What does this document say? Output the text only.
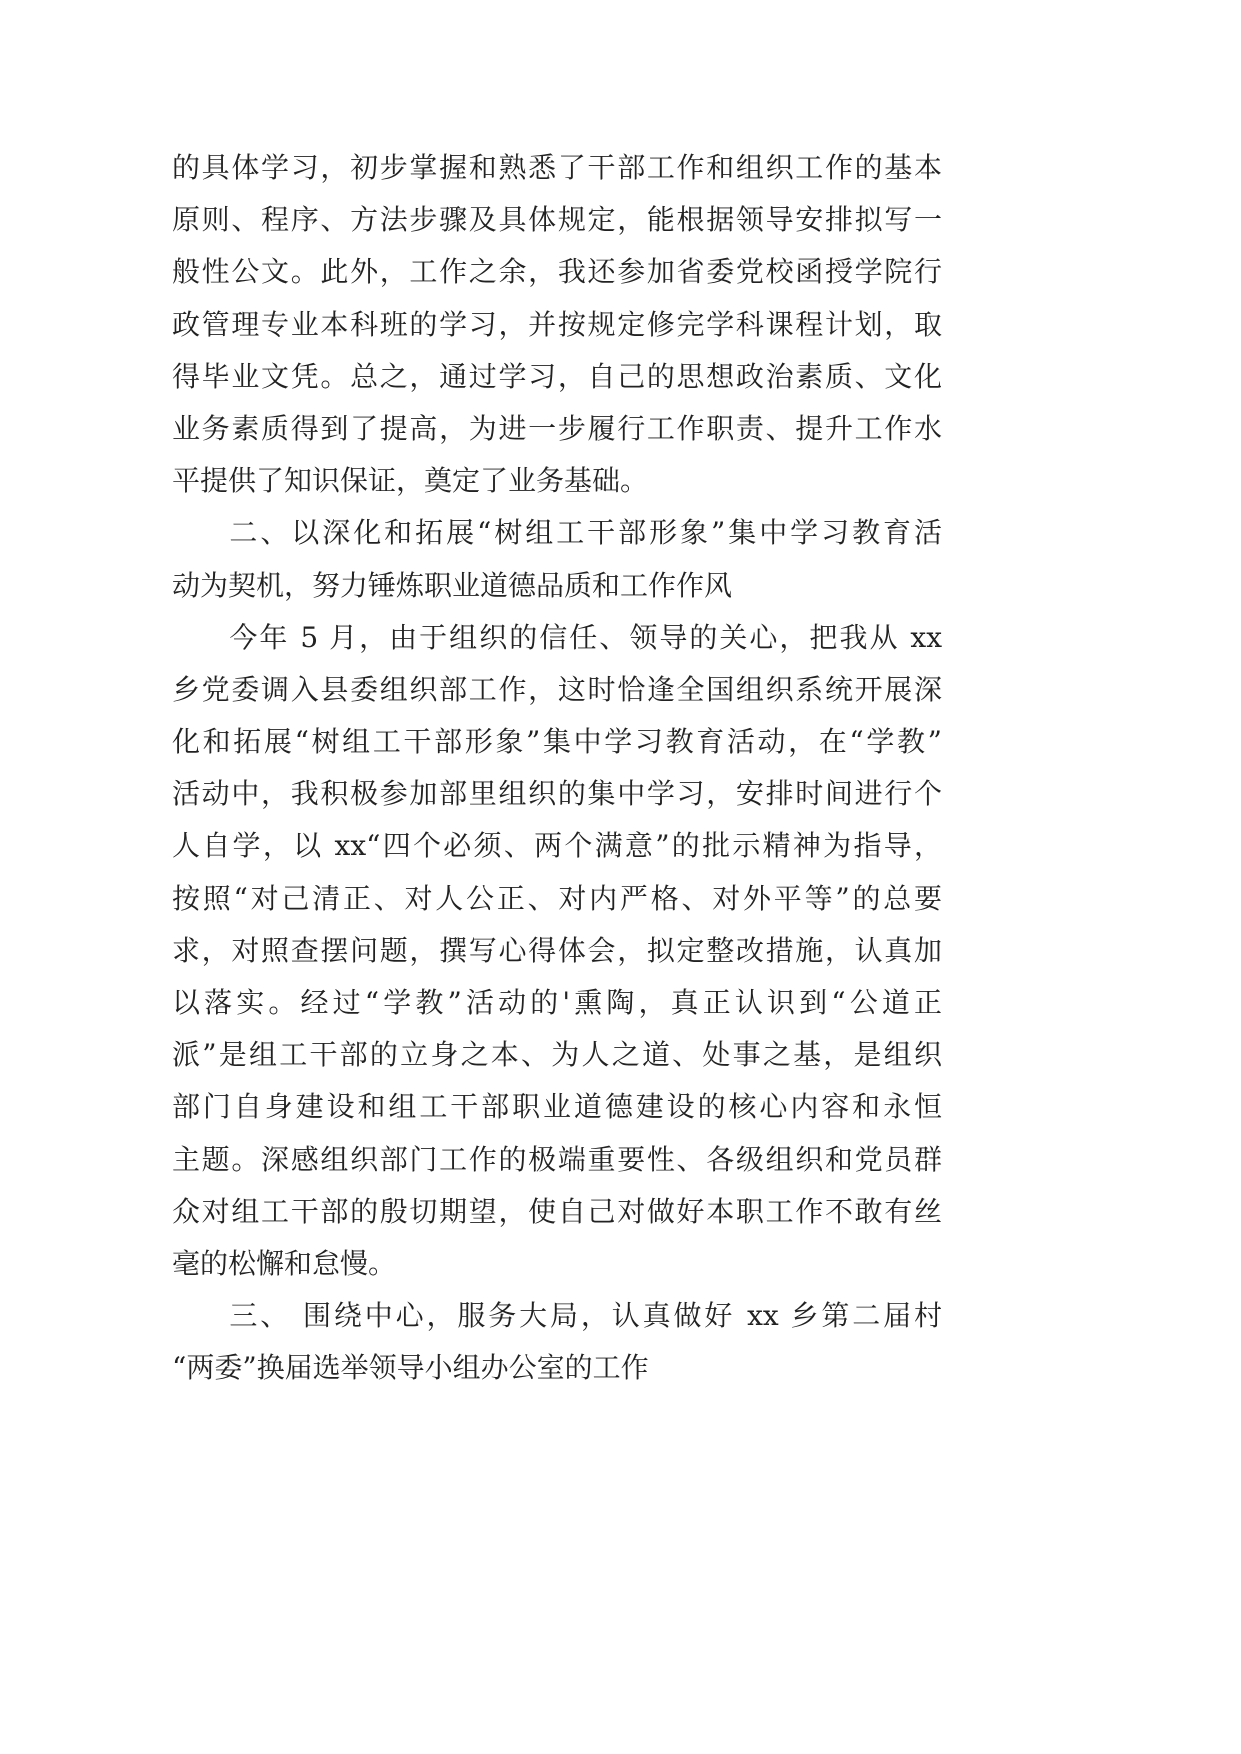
的具体学习，初步掌握和熟悉了干部工作和组织工作的基本
原则、程序、方法步骤及具体规定，能根据领导安排拟写一
般性公文。此外，工作之余，我还参加省委党校函授学院行
政管理专业本科班的学习，并按规定修完学科课程计划，取
得毕业文凭。总之，通过学习，自己的思想政治素质、文化
业务素质得到了提高，为进一步履行工作职责、提升工作水
平提供了知识保证，奠定了业务基础。
二、以深化和拓展“树组工干部形象”集中学习教育活
动为契机，努力锤炼职业道德品质和工作作风
今年 5 月，由于组织的信任、领导的关心，把我从 xx
乡党委调入县委组织部工作，这时恰逢全国组织系统开展深
化和拓展“树组工干部形象”集中学习教育活动，在“学教”
活动中，我积极参加部里组织的集中学习，安排时间进行个
人自学，以 xx“四个必须、两个满意”的批示精神为指导，
按照“对己清正、对人公正、对内严格、对外平等”的总要
求，对照查摆问题，撰写心得体会，拟定整改措施，认真加
以落实。经过“学教”活动的'熏陶，真正认识到“公道正
派”是组工干部的立身之本、为人之道、处事之基，是组织
部门自身建设和组工干部职业道德建设的核心内容和永恒
主题。深感组织部门工作的极端重要性、各级组织和党员群
众对组工干部的殷切期望，使自己对做好本职工作不敢有丝
毫的松懈和怠慢。
三、 围绕中心，服务大局，认真做好 xx 乡第二届村
“两委”换届选举领导小组办公室的工作
